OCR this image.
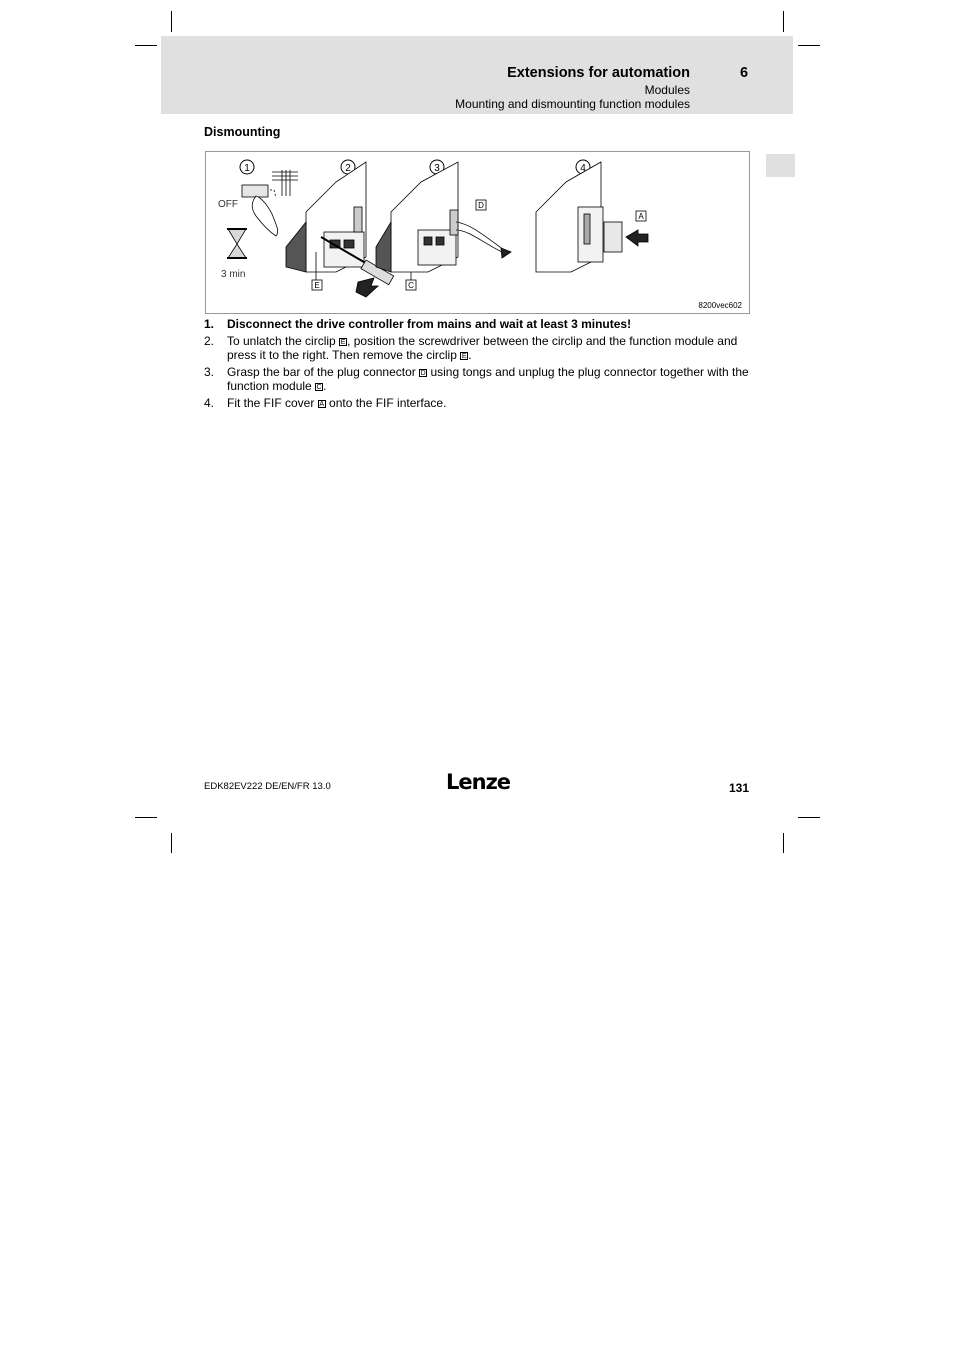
Extensions for automation	6
Modules
Mounting and dismounting function modules
Dismounting
1	2	3	4
OFF
3 min
E	C
D
A
8200vec602
1. Disconnect the drive controller from mains and wait at least 3 minutes!
2. To unlatch the circlip E , position the screwdriver between the circlip and the function module and press it to the right. Then remove the circlip E .
3. Grasp the bar of the plug connector D using tongs and unplug the plug connector together with the function module C.
4. Fit the FIF cover A onto the FIF interface.
EDK82EV222 DE/EN/FR 13.0	Lenze	131
